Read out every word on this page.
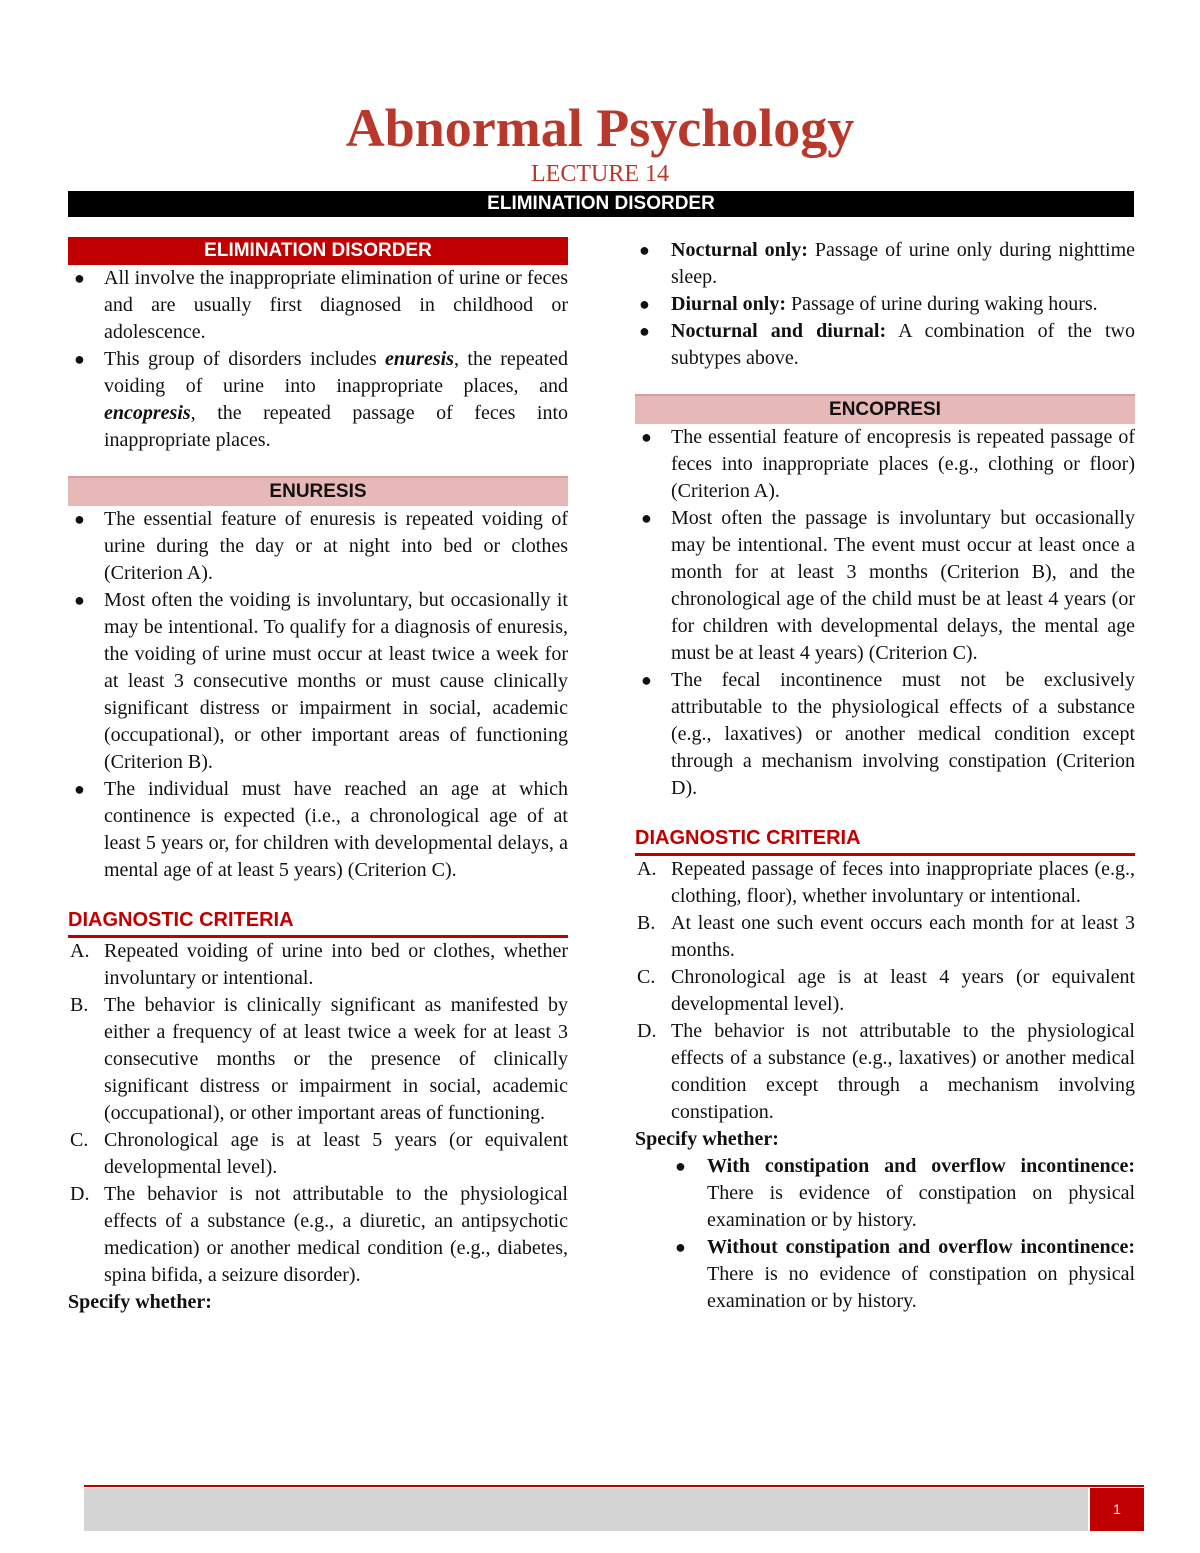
Abnormal Psychology
LECTURE 14
ELIMINATION DISORDER
ELIMINATION DISORDER
● All involve the inappropriate elimination of urine or feces and are usually first diagnosed in childhood or adolescence.
● This group of disorders includes enuresis, the repeated voiding of urine into inappropriate places, and encopresis, the repeated passage of feces into inappropriate places.
ENURESIS
● The essential feature of enuresis is repeated voiding of urine during the day or at night into bed or clothes (Criterion A).
● Most often the voiding is involuntary, but occasionally it may be intentional. To qualify for a diagnosis of enuresis, the voiding of urine must occur at least twice a week for at least 3 consecutive months or must cause clinically significant distress or impairment in social, academic (occupational), or other important areas of functioning (Criterion B).
● The individual must have reached an age at which continence is expected (i.e., a chronological age of at least 5 years or, for children with developmental delays, a mental age of at least 5 years) (Criterion C).
DIAGNOSTIC CRITERIA
A. Repeated voiding of urine into bed or clothes, whether involuntary or intentional.
B. The behavior is clinically significant as manifested by either a frequency of at least twice a week for at least 3 consecutive months or the presence of clinically significant distress or impairment in social, academic (occupational), or other important areas of functioning.
C. Chronological age is at least 5 years (or equivalent developmental level).
D. The behavior is not attributable to the physiological effects of a substance (e.g., a diuretic, an antipsychotic medication) or another medical condition (e.g., diabetes, spina bifida, a seizure disorder).
Specify whether:
● Nocturnal only: Passage of urine only during nighttime sleep.
● Diurnal only: Passage of urine during waking hours.
● Nocturnal and diurnal: A combination of the two subtypes above.
ENCOPRESI
● The essential feature of encopresis is repeated passage of feces into inappropriate places (e.g., clothing or floor) (Criterion A).
● Most often the passage is involuntary but occasionally may be intentional. The event must occur at least once a month for at least 3 months (Criterion B), and the chronological age of the child must be at least 4 years (or for children with developmental delays, the mental age must be at least 4 years) (Criterion C).
● The fecal incontinence must not be exclusively attributable to the physiological effects of a substance (e.g., laxatives) or another medical condition except through a mechanism involving constipation (Criterion D).
DIAGNOSTIC CRITERIA
A. Repeated passage of feces into inappropriate places (e.g., clothing, floor), whether involuntary or intentional.
B. At least one such event occurs each month for at least 3 months.
C. Chronological age is at least 4 years (or equivalent developmental level).
D. The behavior is not attributable to the physiological effects of a substance (e.g., laxatives) or another medical condition except through a mechanism involving constipation.
Specify whether:
● With constipation and overflow incontinence: There is evidence of constipation on physical examination or by history.
● Without constipation and overflow incontinence: There is no evidence of constipation on physical examination or by history.
1
